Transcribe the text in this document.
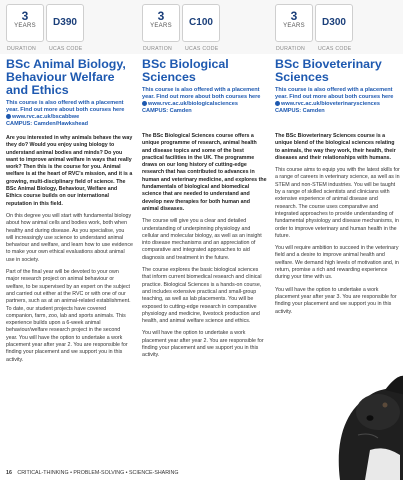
3
YEARS	D390
DURATION UCAS CODE
BSc Animal Biology, Behaviour Welfare and Ethics
This course is also offered with a placement year. Find out more about both courses here
www.rvc.ac.uk/bscabbwe
CAMPUS: Camden/Hawkshead

Are you interested in why animals behave the way they do? Would you enjoy using biology to understand animal bodies and minds? Do you want to improve animal welfare in ways that really work? Then this is the course for you. Animal welfare is at the heart of RVC's mission, and it is a growing, multi-disciplinary field of science. The BSc Animal Biology, Behaviour, Welfare and Ethics course builds on our international reputation in this field.

On this degree you will start with fundamental biology about how animal cells and bodies work, both when healthy and during disease. As you specialise, you will increasingly use science to understand animal behaviour and welfare, and learn how to use evidence to make your own ethical evaluations about animal use in society.

Part of the final year will be devoted to your own major research project on animal behaviour or welfare, to be supervised by an expert on the subject and carried out either at the RVC or with one of our partners, such as at an animal-related establishment. To date, our student projects have covered companion, farm, zoo, lab and sports animals. This experience builds upon a 6-week animal behaviour/welfare research project in the second year. You will have the option to undertake a work placement year after year 2. You are responsible for finding your placement and we support you in this activity.

3
YEARS	C100
DURATION UCAS CODE
BSc Biological Sciences
This course is also offered with a placement year. Find out more about both courses here
www.rvc.ac.uk/biologicalsciences
CAMPUS: Camden

The BSc Biological Sciences course offers a unique programme of research, animal health and disease topics and some of the best practical facilities in the UK. The programme draws on our long history of cutting-edge research that has contributed to advances in human and veterinary medicine, and explores the fundamentals of biological and biomedical science that are needed to understand and develop new therapies for both human and animal diseases.

The course will give you a clear and detailed understanding of underpinning physiology and cellular and molecular biology, as well as an insight into disease mechanisms and an appreciation of comparative and integrated approaches to aid diagnosis and treatment in the future.

The course explores the basic biological sciences that inform current biomedical research and clinical practice. Biological Sciences is a hands-on course, and includes extensive practical and small-group teaching, as well as lab placements. You will be exposed to cutting-edge research in comparative physiology and medicine, livestock production and health, and animal welfare science and ethics.

You will have the option to undertake a work placement year after year 2. You are responsible for finding your placement and we support you in this activity.

3
YEARS	D300
DURATION UCAS CODE
BSc Bioveterinary Sciences
This course is also offered with a placement year. Find out more about both courses here
www.rvc.ac.uk/bioveterinarysciences
CAMPUS: Camden

The BSc Bioveterinary Sciences course is a unique blend of the biological sciences relating to animals, the way they work, their health, their diseases and their relationships with humans.

This course aims to equip you with the latest skills for a range of careers in veterinary science, as well as in STEM and non-STEM industries. You will be taught by a range of skilled scientists and clinicians with extensive experience of animal disease and research. The course uses comparative and integrated approaches to provide understanding of fundamental physiology and disease mechanisms, in order to improve veterinary and human health in the future.

You will require ambition to succeed in the veterinary field and a desire to improve animal health and welfare. We demand high levels of motivation and, in return, promise a rich and rewarding experience during your time with us.

You will have the option to undertake a work placement year after year 3. You are responsible for finding your placement and we support you in this activity.

16 CRITICAL-THINKING • PROBLEM-SOLVING • SCIENCE-SHARING
